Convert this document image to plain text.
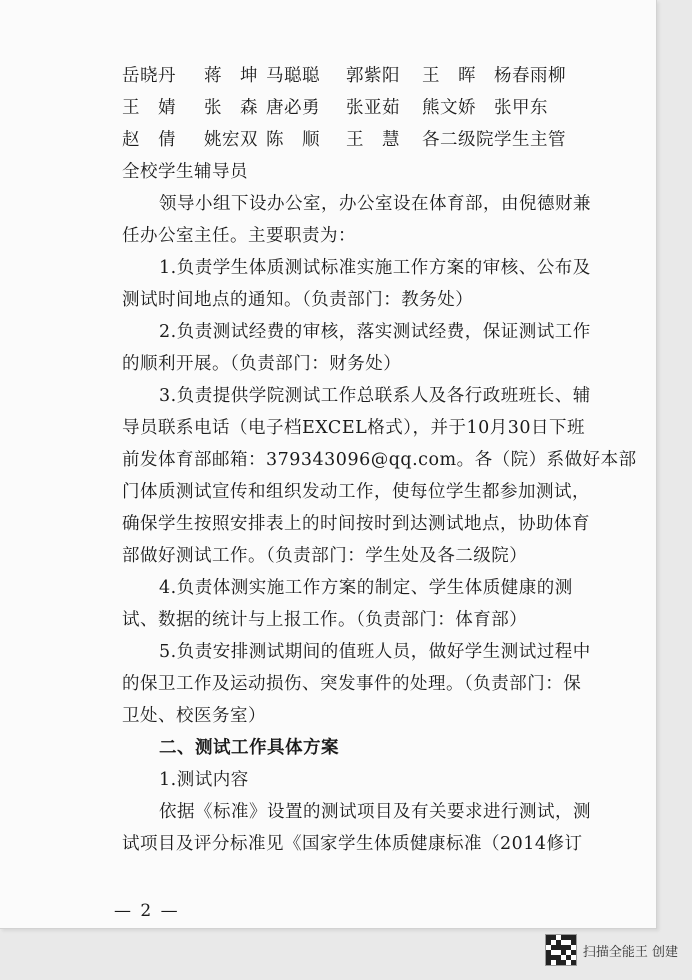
岳晓丹 蒋　坤 马聪聪 郭紫阳 王　晖 杨春雨柳
王　婧 张　森 唐必勇 张亚茹 熊文娇 张甲东
赵　倩 姚宏双 陈　顺 王　慧 各二级院学生主管
全校学生辅导员
领导小组下设办公室，办公室设在体育部，由倪德财兼
任办公室主任。主要职责为：
1.负责学生体质测试标准实施工作方案的审核、公布及
测试时间地点的通知。（负责部门：教务处）
2.负责测试经费的审核，落实测试经费，保证测试工作
的顺利开展。（负责部门：财务处）
3.负责提供学院测试工作总联系人及各行政班班长、辅
导员联系电话（电子档EXCEL格式），并于10月30日下班
前发体育部邮箱：379343096@qq.com。各（院）系做好本部
门体质测试宣传和组织发动工作，使每位学生都参加测试，
确保学生按照安排表上的时间按时到达测试地点，协助体育
部做好测试工作。（负责部门：学生处及各二级院）
4.负责体测实施工作方案的制定、学生体质健康的测
试、数据的统计与上报工作。（负责部门：体育部）
5.负责安排测试期间的值班人员，做好学生测试过程中
的保卫工作及运动损伤、突发事件的处理。（负责部门：保
卫处、校医务室）
二、测试工作具体方案
1.测试内容
依据《标准》设置的测试项目及有关要求进行测试，测
试项目及评分标准见《国家学生体质健康标准（2014修订
— 2 —
扫描全能王 创建
